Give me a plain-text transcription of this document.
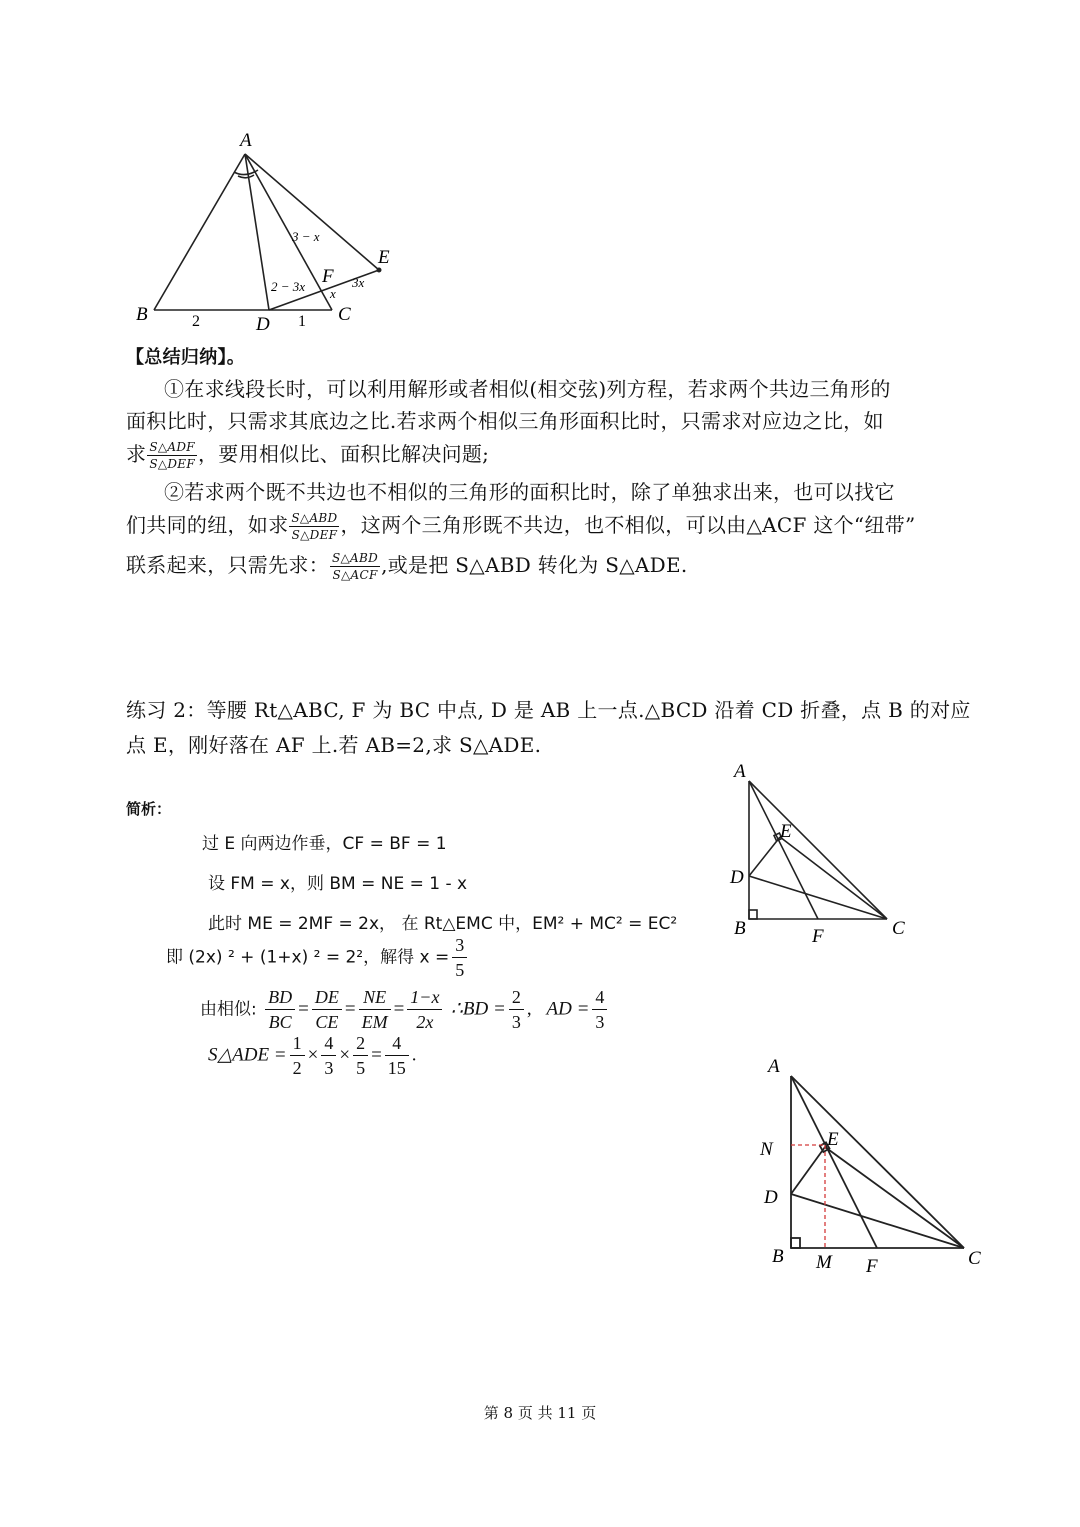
A
B	C
D
E
F
3 − x
2 − 3x x
3x
2	1
【总结归纳】。
①在求线段长时，可以利用解形或者相似(相交弦)列方程，若求两个共边三角形的
面积比时，只需求其底边之比.若求两个相似三角形面积比时，只需求对应边之比，如
求 $\frac{\text{S△ADF}}{\text{S△DEF}}$ ，要用相似比、面积比解决问题;
②若求两个既不共边也不相似的三角形的面积比时，除了单独求出来，也可以找它
们共同的纽，如求 $\frac{\text{S△ABD}}{\text{S△DEF}}$ ，这两个三角形既不共边，也不相似，可以由△ACF 这个“纽带”
联系起来，只需先求： $\frac{\text{S△ABD}}{\text{S△ACF}}$ ,或是把 S△ABD 转化为 S△ADE.
练习 2：等腰 Rt△ABC, F 为 BC 中点, D 是 AB 上一点.△BCD 沿着 CD 折叠，点 B 的对应
点 E，刚好落在 AF 上.若 AB=2,求 S△ADE.
A
B	C
D
E
F
简析：
过 E 向两边作垂，CF = BF = 1
设 FM = x，则 BM = NE = 1 - x
此时 ME = 2MF = 2x， 在 Rt△EMC 中，EM² + MC² = EC²
即 (2x) ² + (1+x) ² = 2²，解得 $x = \frac{3}{5}$
由相似: $\frac{BD}{BC} = \frac{DE}{CE} = \frac{NE}{EM} = \frac{1-x}{2x}$ ∴BD = $\frac{2}{3}$ ,   AD = $\frac{4}{3}$
S△ADE = $\frac{1}{2} \times \frac{4}{3} \times \frac{2}{5} = \frac{4}{15}$ .
A
B	C
D
E
F
M
N
第 8 页 共 11 页
